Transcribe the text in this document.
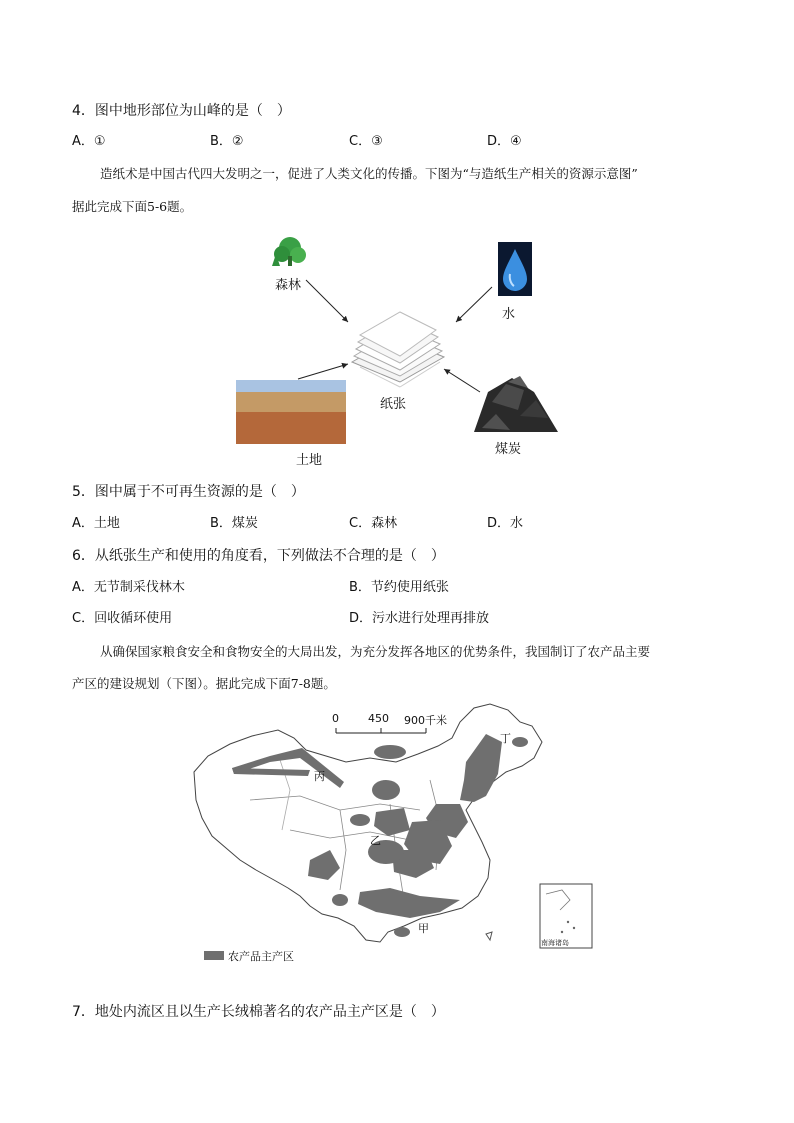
4．图中地形部位为山峰的是（　）
A．①	B．②	C．③	D．④
造纸术是中国古代四大发明之一，促进了人类文化的传播。下图为“与造纸生产相关的资源示意图”
据此完成下面5-6题。
森林
水
纸张
土地
煤炭
5．图中属于不可再生资源的是（　）
A．土地	B．煤炭	C．森林	D．水
6．从纸张生产和使用的角度看，下列做法不合理的是（　）
A．无节制采伐林木	B．节约使用纸张
C．回收循环使用	D．污水进行处理再排放
从确保国家粮食安全和食物安全的大局出发，为充分发挥各地区的优势条件，我国制订了农产品主要
产区的建设规划（下图）。据此完成下面7-8题。
0	450 900千米
丁
丙
乙
甲
南海诸岛
农产品主产区
7．地处内流区且以生产长绒棉著名的农产品主产区是（　）
